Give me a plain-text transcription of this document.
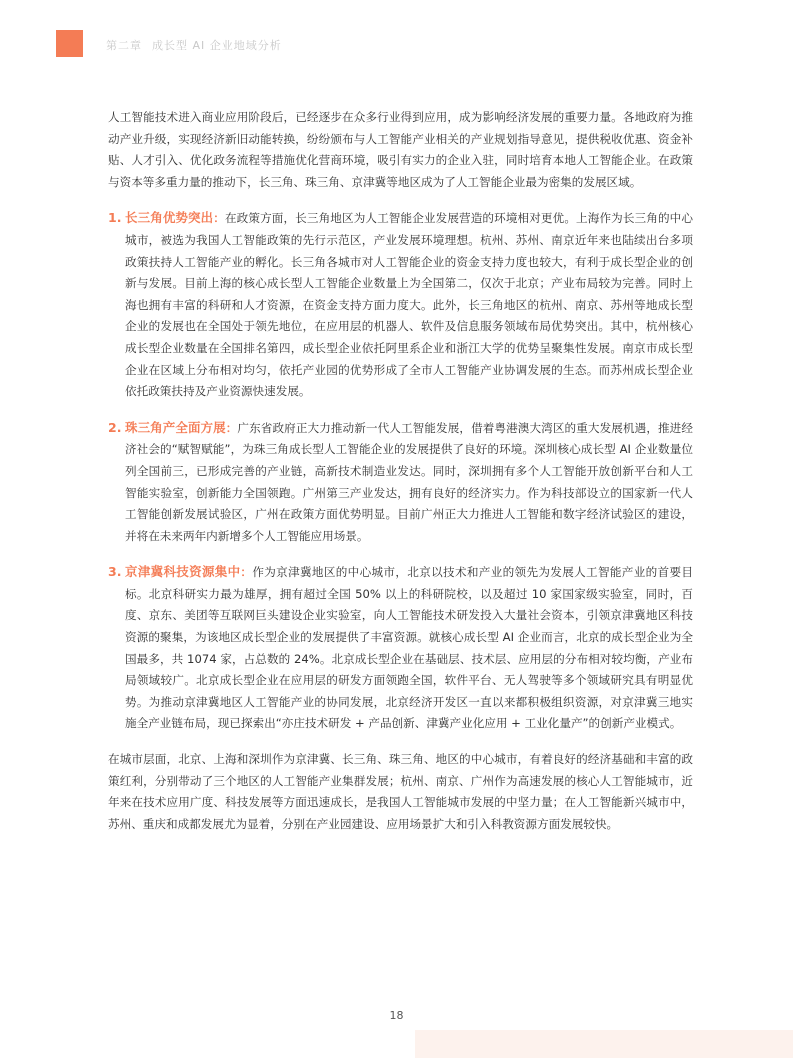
第二章 成长型 AI 企业地域分析

人工智能技术进入商业应用阶段后，已经逐步在众多行业得到应用，成为影响经济发展的重要力量。各地政府为推动产业升级，实现经济新旧动能转换，纷纷颁布与人工智能产业相关的产业规划指导意见，提供税收优惠、资金补贴、人才引入、优化政务流程等措施优化营商环境，吸引有实力的企业入驻，同时培育本地人工智能企业。在政策与资本等多重力量的推动下，长三角、珠三角、京津冀等地区成为了人工智能企业最为密集的发展区域。

1. 长三角优势突出：在政策方面，长三角地区为人工智能企业发展营造的环境相对更优。上海作为长三角的中心城市，被选为我国人工智能政策的先行示范区，产业发展环境理想。杭州、苏州、南京近年来也陆续出台多项政策扶持人工智能产业的孵化。长三角各城市对人工智能企业的资金支持力度也较大，有利于成长型企业的创新与发展。目前上海的核心成长型人工智能企业数量上为全国第二，仅次于北京；产业布局较为完善。同时上海也拥有丰富的科研和人才资源，在资金支持方面力度大。此外，长三角地区的杭州、南京、苏州等地成长型企业的发展也在全国处于领先地位，在应用层的机器人、软件及信息服务领域布局优势突出。其中，杭州核心成长型企业数量在全国排名第四，成长型企业依托阿里系企业和浙江大学的优势呈聚集性发展。南京市成长型企业在区域上分布相对均匀，依托产业园的优势形成了全市人工智能产业协调发展的生态。而苏州成长型企业依托政策扶持及产业资源快速发展。
2. 珠三角产全面方展：广东省政府正大力推动新一代人工智能发展，借着粤港澳大湾区的重大发展机遇，推进经济社会的“赋智赋能”，为珠三角成长型人工智能企业的发展提供了良好的环境。深圳核心成长型 AI 企业数量位列全国前三，已形成完善的产业链，高新技术制造业发达。同时，深圳拥有多个人工智能开放创新平台和人工智能实验室，创新能力全国领跑。广州第三产业发达，拥有良好的经济实力。作为科技部设立的国家新一代人工智能创新发展试验区，广州在政策方面优势明显。目前广州正大力推进人工智能和数字经济试验区的建设，并将在未来两年内新增多个人工智能应用场景。
3. 京津冀科技资源集中：作为京津冀地区的中心城市，北京以技术和产业的领先为发展人工智能产业的首要目标。北京科研实力最为雄厚，拥有超过全国 50% 以上的科研院校，以及超过 10 家国家级实验室，同时，百度、京东、美团等互联网巨头建设企业实验室，向人工智能技术研发投入大量社会资本，引领京津冀地区科技资源的聚集，为该地区成长型企业的发展提供了丰富资源。就核心成长型 AI 企业而言，北京的成长型企业为全国最多，共 1074 家，占总数的 24%。北京成长型企业在基础层、技术层、应用层的分布相对较均衡，产业布局领域较广。北京成长型企业在应用层的研发方面领跑全国，软件平台、无人驾驶等多个领域研究具有明显优势。为推动京津冀地区人工智能产业的协同发展，北京经济开发区一直以来都积极组织资源，对京津冀三地实施全产业链布局，现已探索出“亦庄技术研发 + 产品创新、津冀产业化应用 + 工业化量产”的创新产业模式。

在城市层面，北京、上海和深圳作为京津冀、长三角、珠三角、地区的中心城市，有着良好的经济基础和丰富的政策红利，分别带动了三个地区的人工智能产业集群发展；杭州、南京、广州作为高速发展的核心人工智能城市，近年来在技术应用广度、科技发展等方面迅速成长，是我国人工智能城市发展的中坚力量；在人工智能新兴城市中，苏州、重庆和成都发展尤为显着，分别在产业园建设、应用场景扩大和引入科教资源方面发展较快。

18
